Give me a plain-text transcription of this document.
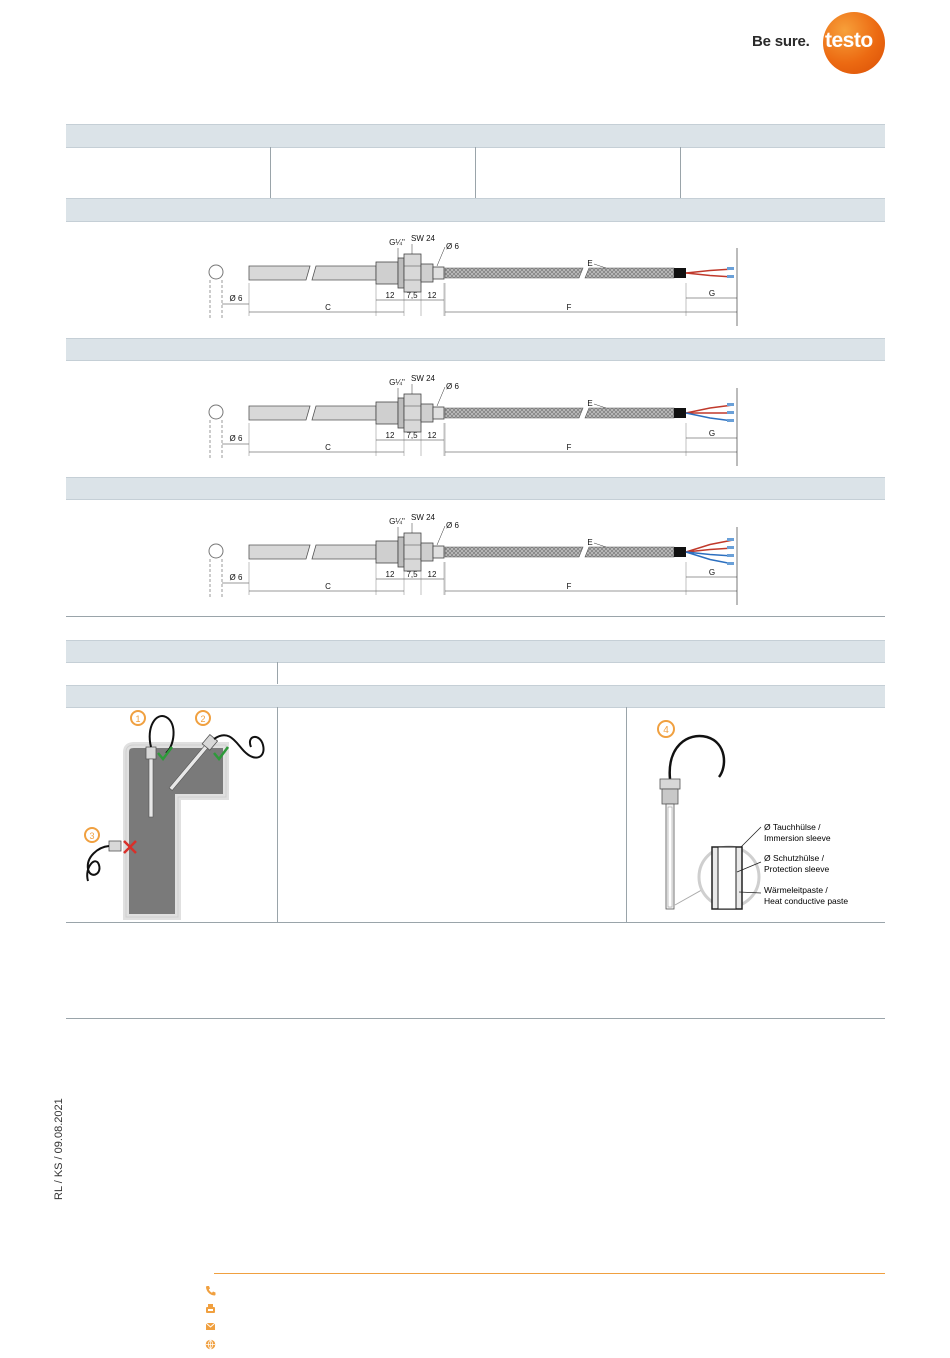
Be sure. testo
G¼" SW 24
Ø 6
E
Ø 6	12 7,5 12	G
C	F
G¼" SW 24
Ø 6
E
Ø 6	12 7,5 12	G
C	F
G¼" SW 24
Ø 6
E
Ø 6	12 7,5 12	G
C	F
1	2
3
4
Ø Tauchhülse /
Immersion sleeve
Ø Schutzhülse /
Protection sleeve
Wärmeleitpaste /
Heat conductive paste
RL / KS / 09.08.2021
